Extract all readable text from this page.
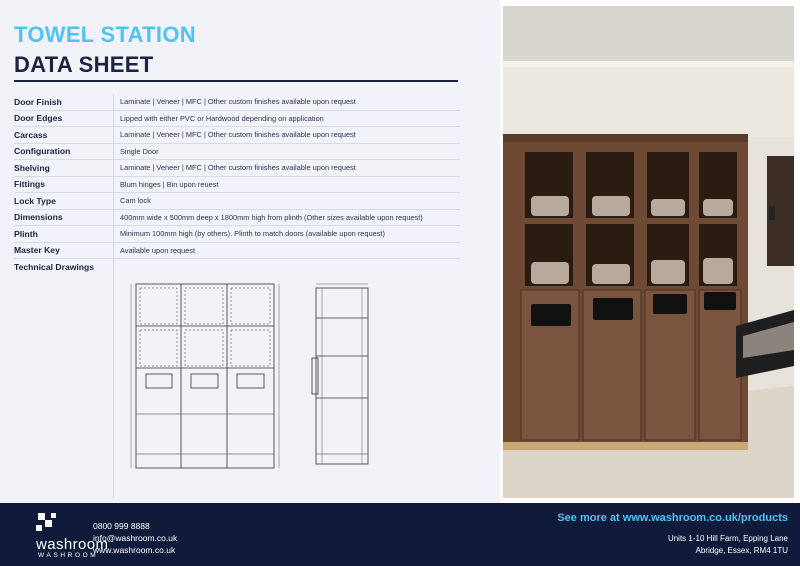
TOWEL STATION
DATA SHEET
Door Finish	Laminate | Veneer | MFC | Other custom finishes available upon request
Door Edges	Lipped with either PVC or Hardwood depending on application
Carcass	Laminate | Veneer | MFC | Other custom finishes available upon request
Configuration	Single Door
Shelving	Laminate | Veneer | MFC | Other custom finishes available upon request
Fittings	Blum hinges | Bin upon reuest
Lock Type	Cam lock
Dimensions	400mm wide x 500mm deep x 1800mm high from plinth (Other sizes available upon request)
Plinth	Minimum 100mm high (by others). Plinth to match doors (available upon request)
Master Key	Available upon request
Technical Drawings
washroom
WASHROOM
0800 999 8888
info@washroom.co.uk
www.washroom.co.uk
See more at www.washroom.co.uk/products
Units 1-10 Hill Farm, Epping Lane
Abridge, Essex, RM4 1TU
